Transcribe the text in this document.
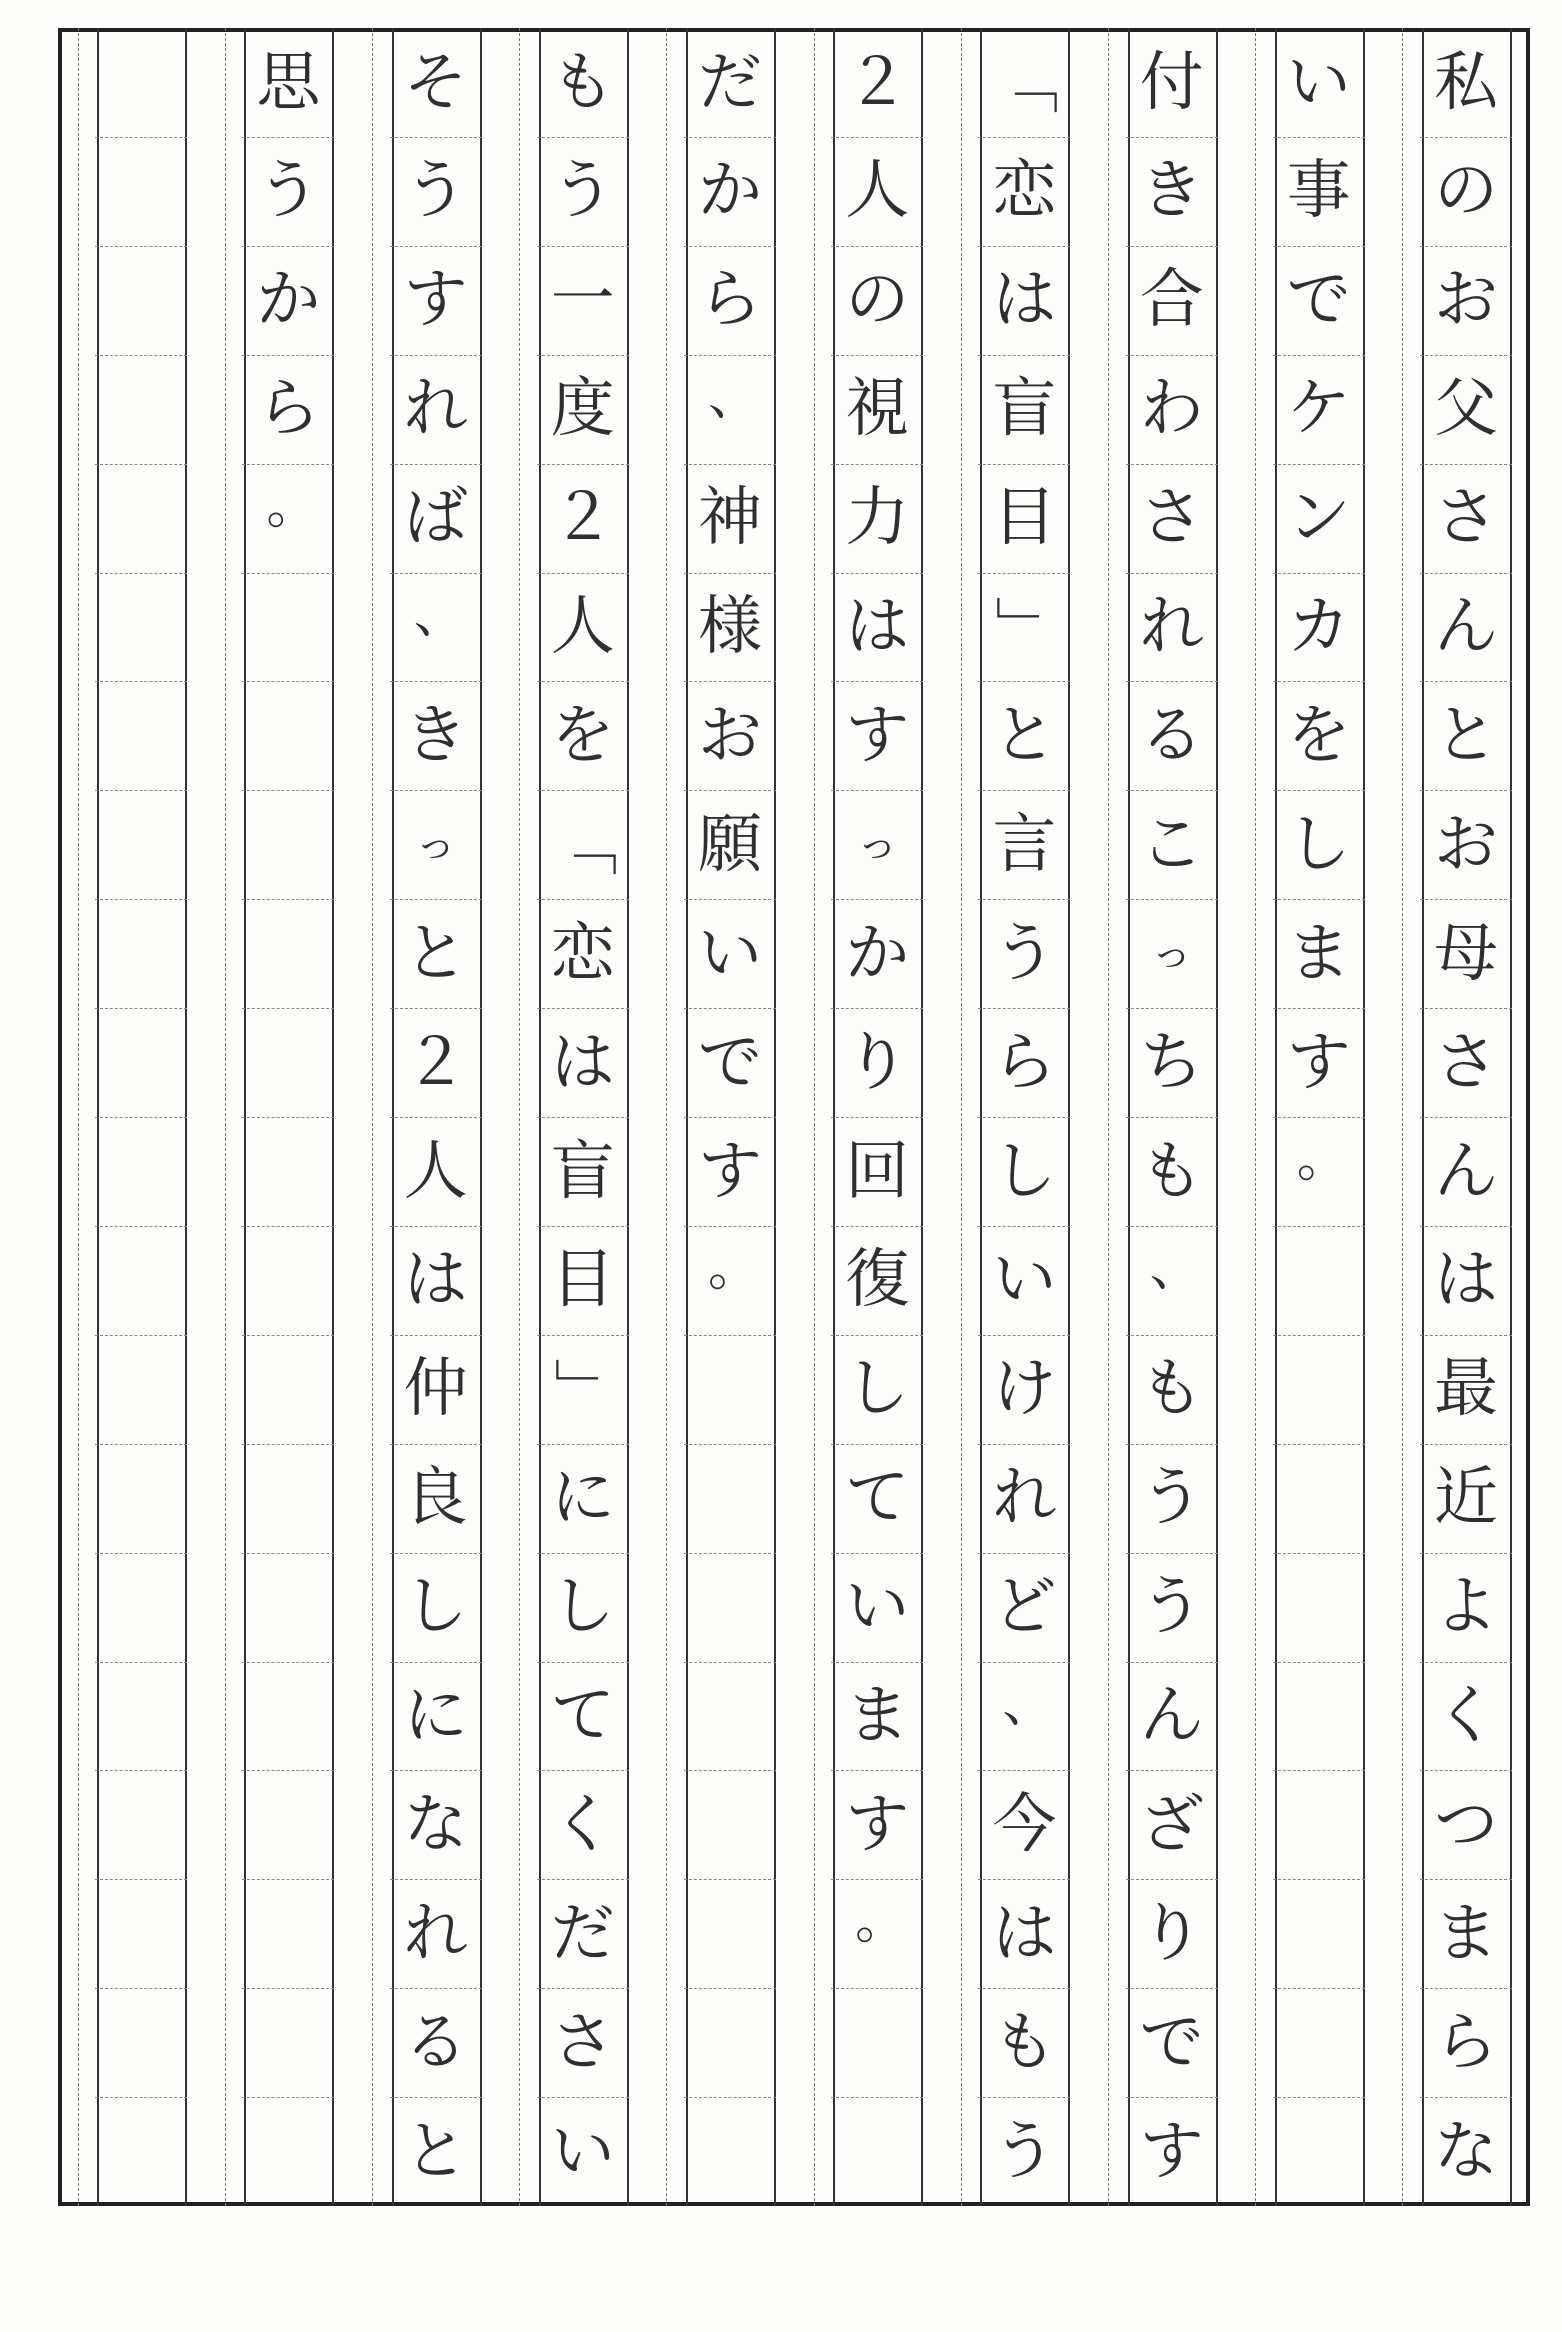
私
の
お
父
さ
ん
と
お
母
さ
ん
は
最
近
よ
く
つ
ま
ら
な
い
事
で
ケ
ン
カ
を
し
ま
す
。
付
き
合
わ
さ
れ
る
こ
っ
ち
も
、
も
う
う
ん
ざ
り
で
す
「
恋
は
盲
目
」
と
言
う
ら
し
い
け
れ
ど
、
今
は
も
う
２
人
の
視
力
は
す
っ
か
り
回
復
し
て
い
ま
す
。
だ
か
ら
、
神
様
お
願
い
で
す
。
も
う
一
度
２
人
を
「
恋
は
盲
目
」
に
し
て
く
だ
さ
い
そ
う
す
れ
ば
、
き
っ
と
２
人
は
仲
良
し
に
な
れ
る
と
思
う
か
ら
。
